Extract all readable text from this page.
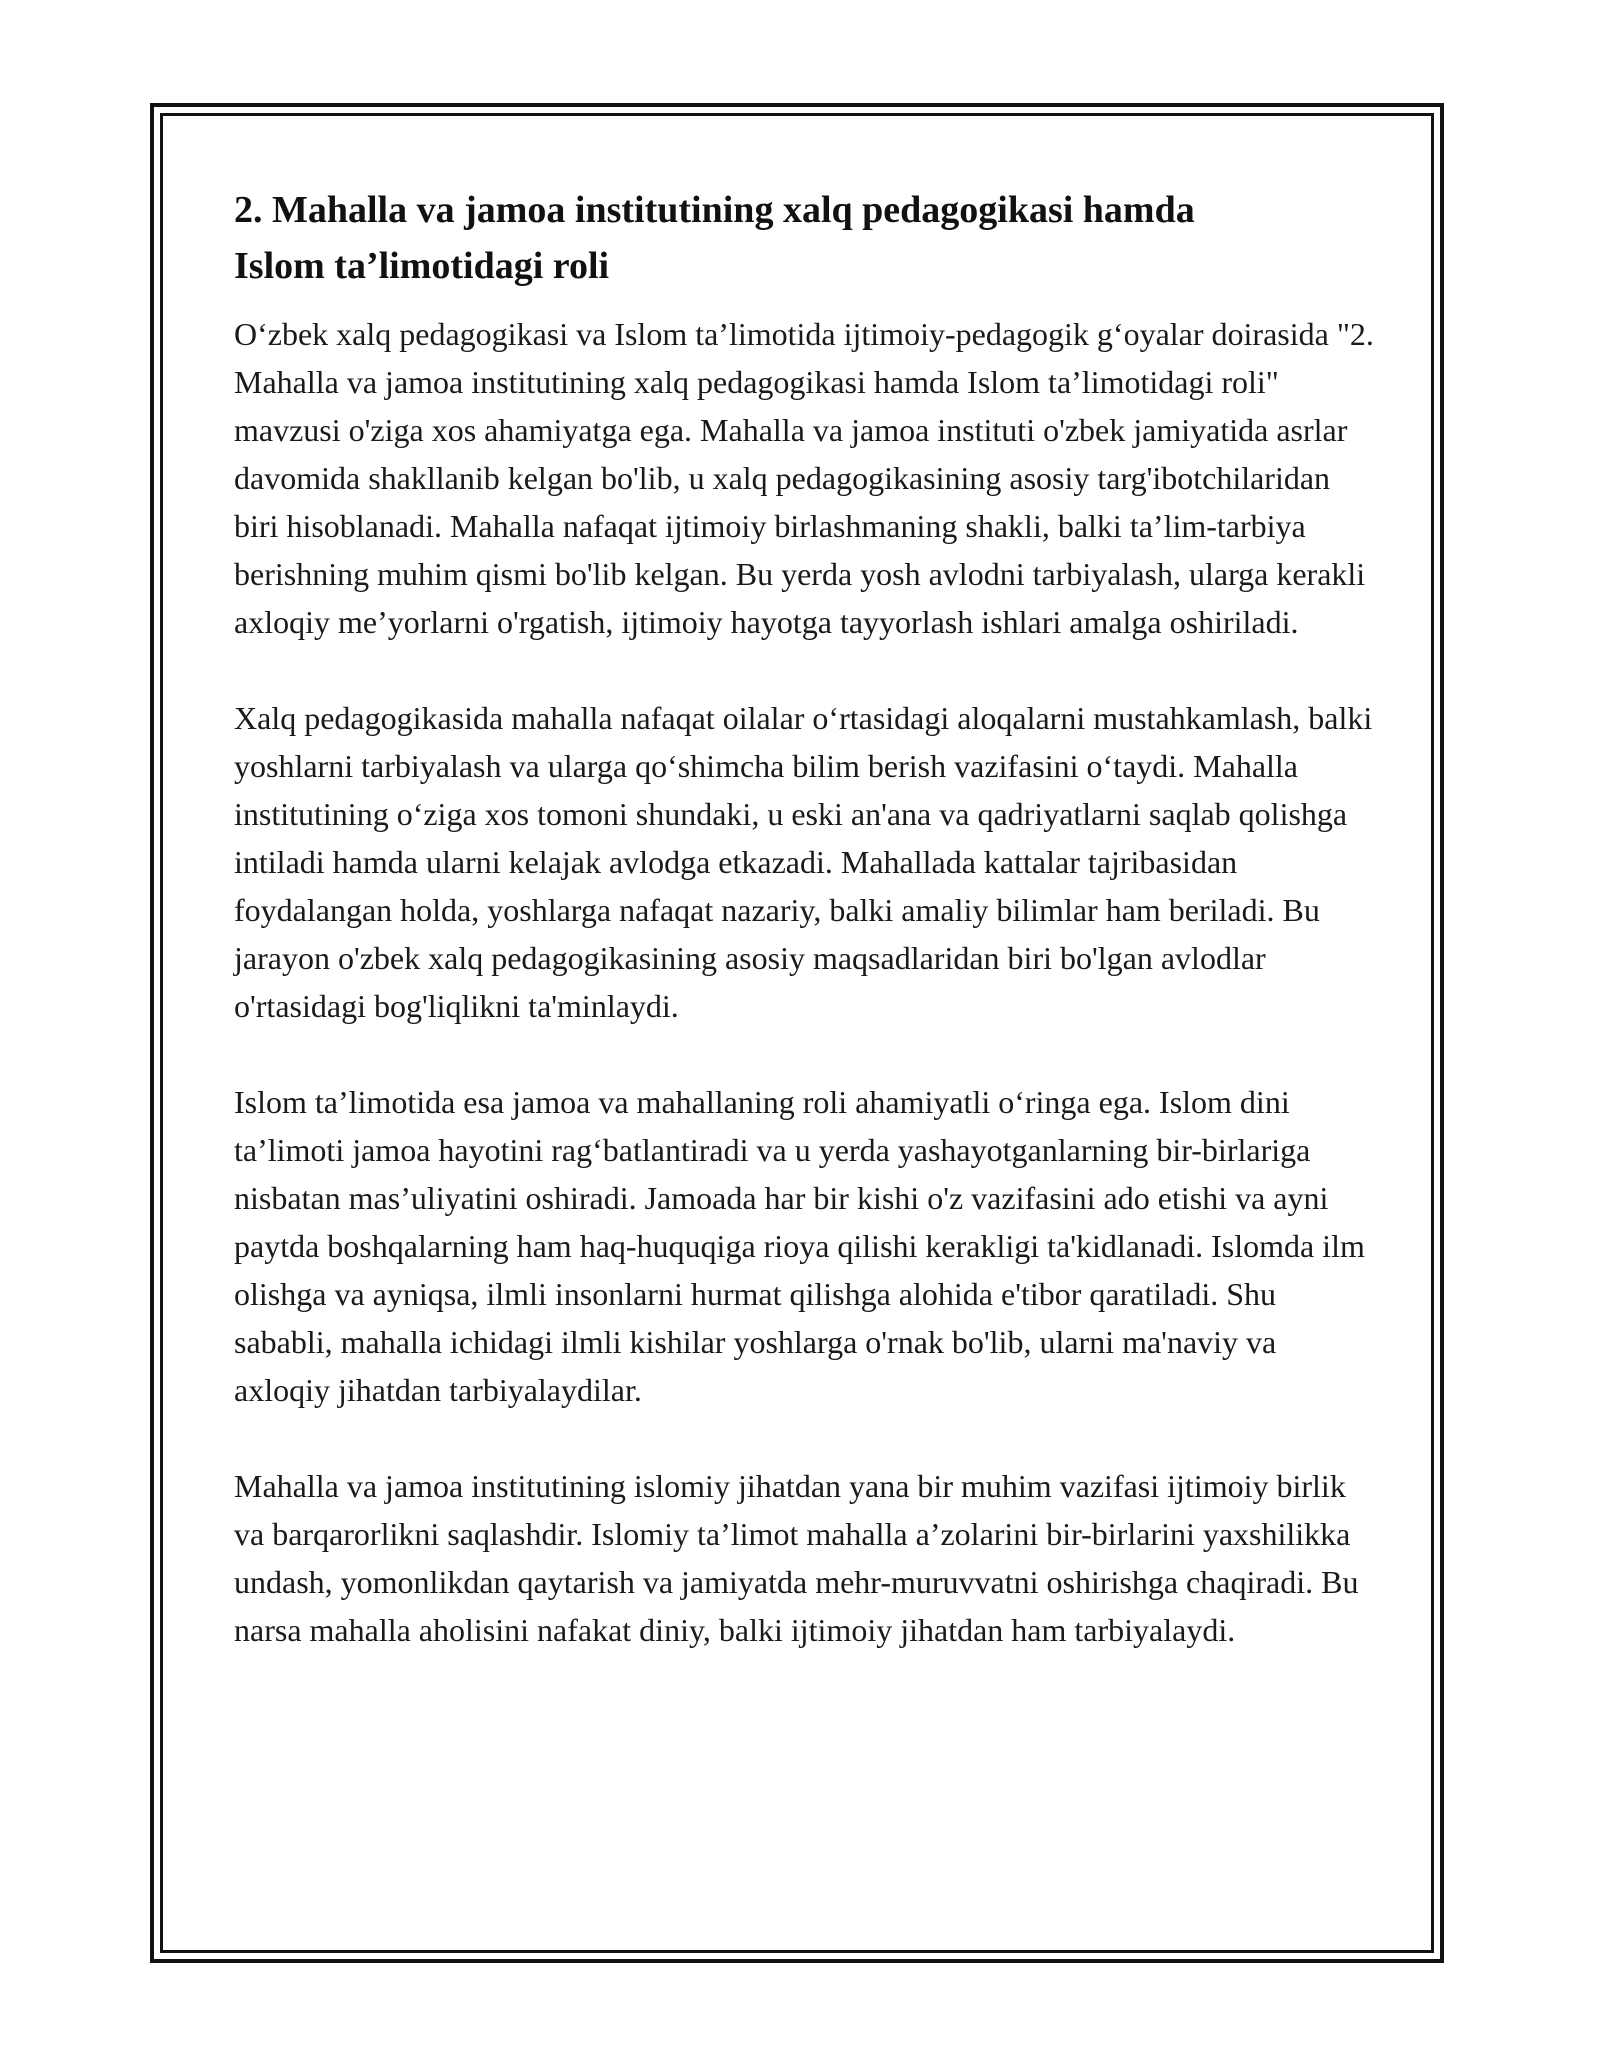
2. Mahalla va jamoa institutining xalq pedagogikasi hamda
Islom ta’limotidagi roli

O‘zbek xalq pedagogikasi va Islom ta’limotida ijtimoiy-pedagogik g‘oyalar doirasida "2. Mahalla va jamoa institutining xalq pedagogikasi hamda Islom ta’limotidagi roli" mavzusi o'ziga xos ahamiyatga ega. Mahalla va jamoa instituti o'zbek jamiyatida asrlar davomida shakllanib kelgan bo'lib, u xalq pedagogikasining asosiy targ'ibotchilaridan biri hisoblanadi. Mahalla nafaqat ijtimoiy birlashmaning shakli, balki ta’lim-tarbiya berishning muhim qismi bo'lib kelgan. Bu yerda yosh avlodni tarbiyalash, ularga kerakli axloqiy me’yorlarni o'rgatish, ijtimoiy hayotga tayyorlash ishlari amalga oshiriladi.

Xalq pedagogikasida mahalla nafaqat oilalar o‘rtasidagi aloqalarni mustahkamlash, balki yoshlarni tarbiyalash va ularga qo‘shimcha bilim berish vazifasini o‘taydi. Mahalla institutining o‘ziga xos tomoni shundaki, u eski an'ana va qadriyatlarni saqlab qolishga intiladi hamda ularni kelajak avlodga etkazadi. Mahallada kattalar tajribasidan foydalangan holda, yoshlarga nafaqat nazariy, balki amaliy bilimlar ham beriladi. Bu jarayon o'zbek xalq pedagogikasining asosiy maqsadlaridan biri bo'lgan avlodlar o'rtasidagi bog'liqlikni ta'minlaydi.

Islom ta’limotida esa jamoa va mahallaning roli ahamiyatli o‘ringa ega. Islom dini ta’limoti jamoa hayotini rag‘batlantiradi va u yerda yashayotganlarning bir-birlariga nisbatan mas’uliyatini oshiradi. Jamoada har bir kishi o'z vazifasini ado etishi va ayni paytda boshqalarning ham haq-huquqiga rioya qilishi kerakligi ta'kidlanadi. Islomda ilm olishga va ayniqsa, ilmli insonlarni hurmat qilishga alohida e'tibor qaratiladi. Shu sababli, mahalla ichidagi ilmli kishilar yoshlarga o'rnak bo'lib, ularni ma'naviy va axloqiy jihatdan tarbiyalaydilar.

Mahalla va jamoa institutining islomiy jihatdan yana bir muhim vazifasi ijtimoiy birlik va barqarorlikni saqlashdir. Islomiy ta’limot mahalla a’zolarini bir-birlarini yaxshilikka undash, yomonlikdan qaytarish va jamiyatda mehr-muruvvatni oshirishga chaqiradi. Bu narsa mahalla aholisini nafakat diniy, balki ijtimoiy jihatdan ham tarbiyalaydi.
